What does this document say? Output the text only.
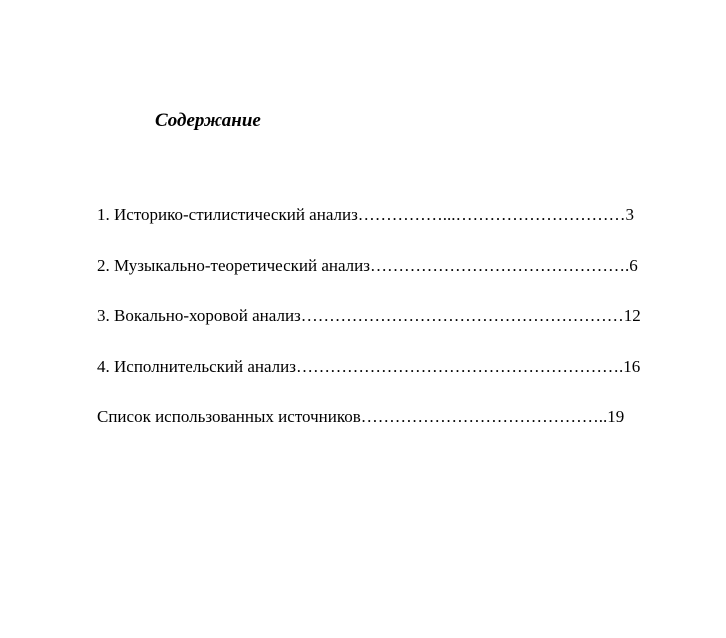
Содержание
1. Историко-стилистический анализ……………...…………………………3
2. Музыкально-теоретический анализ……………………………………….6
3. Вокально-хоровой анализ…………………………………………………12
4. Исполнительский анализ………………………………………………….16
Список использованных источников……………………………………..19
